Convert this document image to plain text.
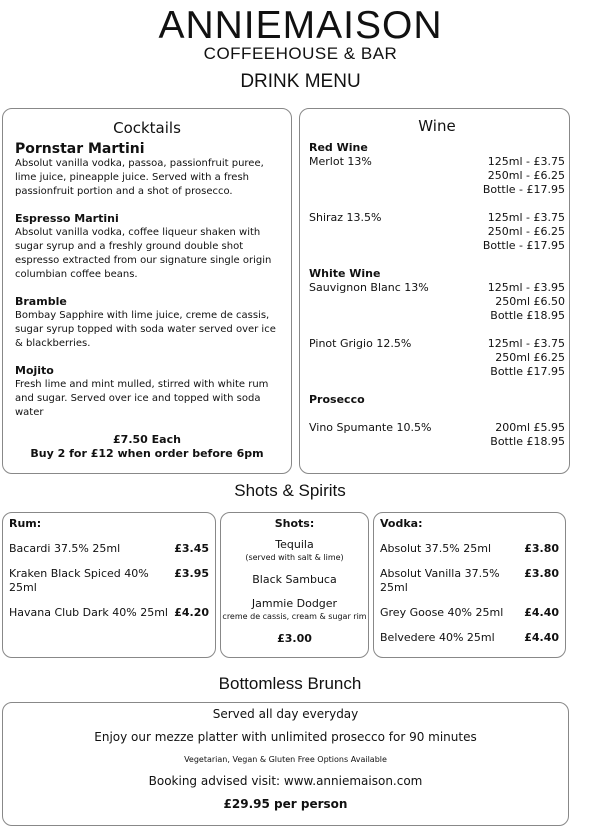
ANNIEMAISON
COFFEEHOUSE & BAR
DRINK MENU
Cocktails
Pornstar Martini
Absolut vanilla vodka, passoa, passionfruit puree, lime juice, pineapple juice. Served with a fresh passionfruit portion and a shot of prosecco.
Espresso Martini
Absolut vanilla vodka, coffee liqueur shaken with sugar syrup and a freshly ground double shot espresso extracted from our signature single origin columbian coffee beans.
Bramble
Bombay Sapphire with lime juice, creme de cassis, sugar syrup topped with soda water served over ice & blackberries.
Mojito
Fresh lime and mint mulled, stirred with white rum and sugar. Served over ice and topped with soda water
£7.50 Each
Buy 2 for £12 when order before 6pm
Wine
Red Wine
Merlot 13%	125ml - £3.75
250ml - £6.25
Bottle - £17.95
Shiraz 13.5%	125ml - £3.75
250ml - £6.25
Bottle - £17.95
White Wine
Sauvignon Blanc 13%	125ml - £3.95
250ml £6.50
Bottle £18.95
Pinot Grigio 12.5%	125ml - £3.75
250ml £6.25
Bottle £17.95
Prosecco
Vino Spumante 10.5%	200ml £5.95
Bottle £18.95
Shots & Spirits
Rum:
Bacardi 37.5% 25ml	£3.45
Kraken Black Spiced 40% 25ml
£3.95
Havana Club Dark 40% 25ml £4.20
Shots:
Tequila
(served with salt & lime)
Black Sambuca
Jammie Dodger
creme de cassis, cream & sugar rim
£3.00
Vodka:
Absolut 37.5% 25ml	£3.80
Absolut Vanilla 37.5% 25ml
£3.80
Grey Goose 40% 25ml £4.40
Belvedere 40% 25ml	£4.40
Bottomless Brunch
Served all day everyday
Enjoy our mezze platter with unlimited prosecco for 90 minutes
Vegetarian, Vegan & Gluten Free Options Available
Booking advised visit: www.anniemaison.com
£29.95 per person
